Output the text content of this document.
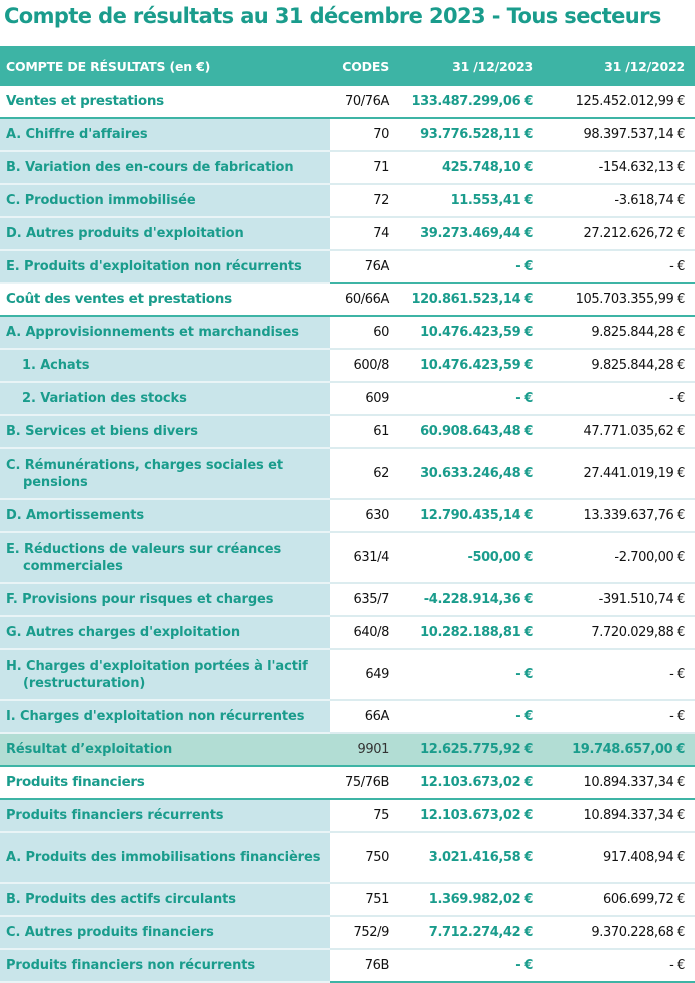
Compte de résultats au 31 décembre 2023 - Tous secteurs
COMPTE DE RÉSULTATS (en €)	CODES	31 /12/2023	31 /12/2022
Ventes et prestations	70/76A	133.487.299,06 €	125.452.012,99 €
A. Chiffre d'affaires	70	93.776.528,11 €	98.397.537,14 €
B. Variation des en-cours de fabrication	71	425.748,10 €	-154.632,13 €
C. Production immobilisée	72	11.553,41 €	-3.618,74 €
D. Autres produits d'exploitation	74	39.273.469,44 €	27.212.626,72 €
E. Produits d'exploitation non récurrents	76A	- €	- €
Coût des ventes et prestations	60/66A	120.861.523,14 €	105.703.355,99 €
A. Approvisionnements et marchandises	60	10.476.423,59 €	9.825.844,28 €
1. Achats	600/8	10.476.423,59 €	9.825.844,28 €
2. Variation des stocks	609	- €	- €
B. Services et biens divers	61	60.908.643,48 €	47.771.035,62 €

C. Rémunérations, charges sociales et pensions	62	30.633.246,48 €	27.441.019,19 €
D. Amortissements	630	12.790.435,14 €	13.339.637,76 €

E. Réductions de valeurs sur créances commerciales	631/4	-500,00 €	-2.700,00 €
F. Provisions pour risques et charges	635/7	-4.228.914,36 €	-391.510,74 €
G. Autres charges d'exploitation	640/8	10.282.188,81 €	7.720.029,88 €

H. Charges d'exploitation portées à l'actif (restructuration)	649	- €	- €
I. Charges d'exploitation non récurrentes	66A	- €	- €
Résultat d’exploitation	9901	12.625.775,92 €	19.748.657,00 €
Produits financiers	75/76B	12.103.673,02 €	10.894.337,34 €
Produits financiers récurrents	75	12.103.673,02 €	10.894.337,34 €

A. Produits des immobilisations financières	750	3.021.416,58 €	917.408,94 €
B. Produits des actifs circulants	751	1.369.982,02 €	606.699,72 €
C. Autres produits financiers	752/9	7.712.274,42 €	9.370.228,68 €
Produits financiers non récurrents	76B	- €	- €
